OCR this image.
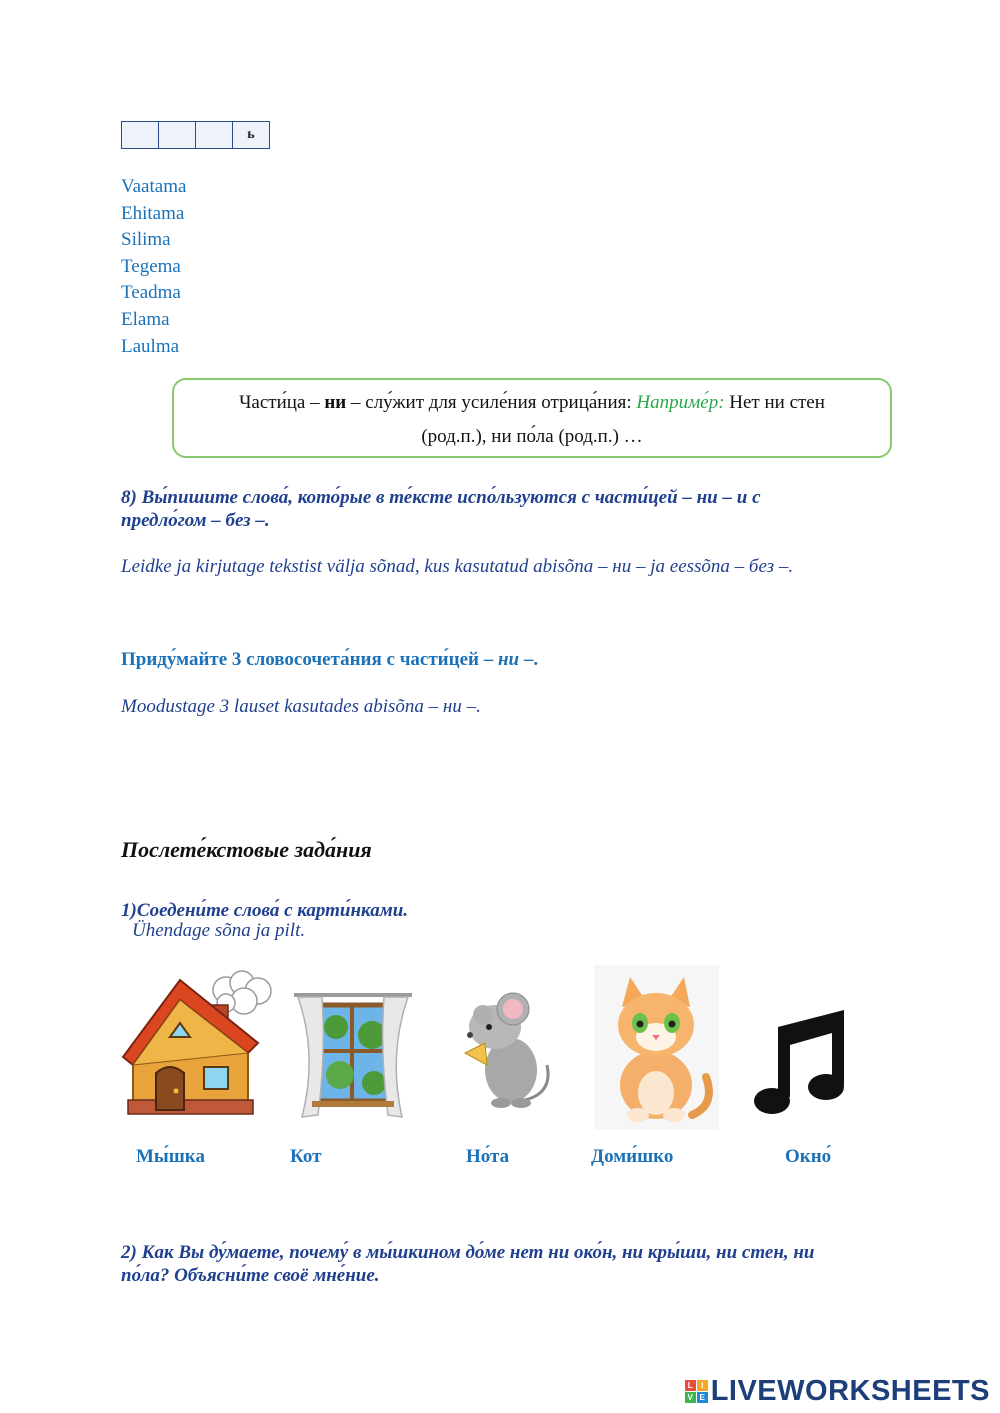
ь
Vaatama
Ehitama
Silima
Tegema
Teadma
Elama
Laulma
Части́ца – ни – слу́жит для усиле́ния отрица́ния: Наприме́р: Нет ни стен
(род.п.), ни по́ла (род.п.) …
8) Вы́пишите слова́, кото́рые в те́ксте испо́льзуются с части́цей – ни – и с
предло́гом – без –.
Leidke ja kirjutage tekstist välja sõnad, kus kasutatud abisõna – ни – ja eessõna – без –.
Приду́майте 3 словосочета́ния с части́цей – ни –.
Moodustage 3 lauset kasutades abisõna – ни –.
Послете́кстовые зада́ния
1)Соедени́те слова́ с карти́нками.
Ühendage sõna ja pilt.
Мы́шка	Кот	Но́та	Доми́шко	Окно́
2) Как Вы ду́маете, почему́ в мы́шкином до́ме нет ни око́н, ни кры́ши, ни стен, ни
по́ла? Объясни́те своё мне́ние.
L	I
V E LIVEWORKSHEETS
